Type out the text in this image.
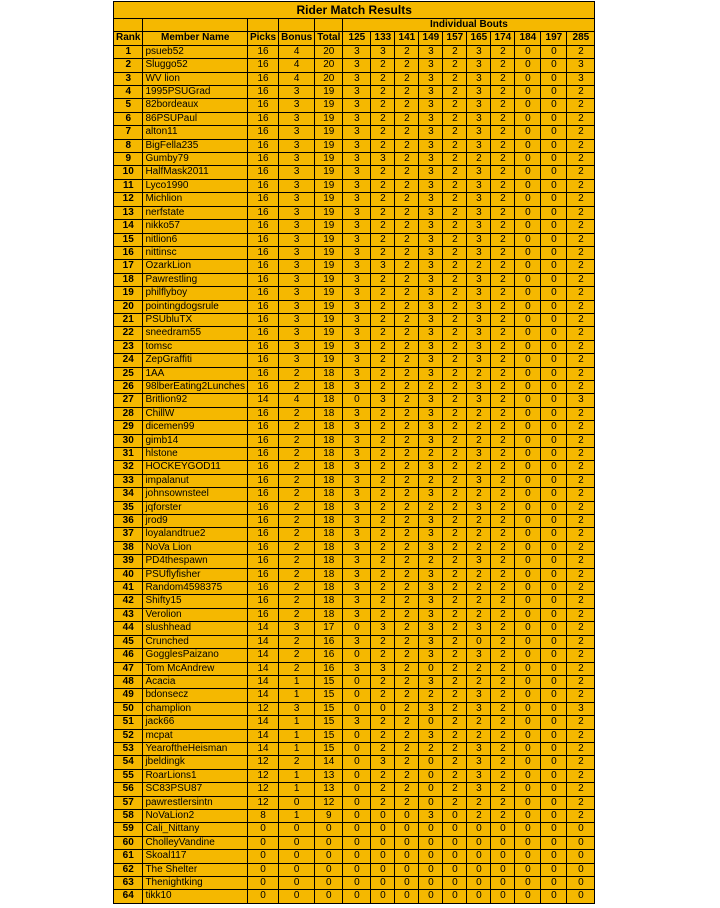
Rider Match Results														
					Individual Bouts									
Rank	Member Name	Picks	Bonus	Total	125	133	141	149	157	165	174	184	197	285
1	psueb52	16	4	20	3	3	2	3	2	3	2	0	0	2
2	Sluggo52	16	4	20	3	2	2	3	2	3	2	0	0	3
3	WV lion	16	4	20	3	2	2	3	2	3	2	0	0	3
4	1995PSUGrad	16	3	19	3	2	2	3	2	3	2	0	0	2
5	82bordeaux	16	3	19	3	2	2	3	2	3	2	0	0	2
6	86PSUPaul	16	3	19	3	2	2	3	2	3	2	0	0	2
7	alton11	16	3	19	3	2	2	3	2	3	2	0	0	2
8	BigFella235	16	3	19	3	2	2	3	2	3	2	0	0	2
9	Gumby79	16	3	19	3	3	2	3	2	2	2	0	0	2
10	HalfMask2011	16	3	19	3	2	2	3	2	3	2	0	0	2
11	Lyco1990	16	3	19	3	2	2	3	2	3	2	0	0	2
12	Michlion	16	3	19	3	2	2	3	2	3	2	0	0	2
13	nerfstate	16	3	19	3	2	2	3	2	3	2	0	0	2
14	nikko57	16	3	19	3	2	2	3	2	3	2	0	0	2
15	nitlion6	16	3	19	3	2	2	3	2	3	2	0	0	2
16	nittinsc	16	3	19	3	2	2	3	2	3	2	0	0	2
17	OzarkLion	16	3	19	3	3	2	3	2	2	2	0	0	2
18	Pawrestling	16	3	19	3	2	2	3	2	3	2	0	0	2
19	philflyboy	16	3	19	3	2	2	3	2	3	2	0	0	2
20	pointingdogsrule	16	3	19	3	2	2	3	2	3	2	0	0	2
21	PSUbluTX	16	3	19	3	2	2	3	2	3	2	0	0	2
22	sneedram55	16	3	19	3	2	2	3	2	3	2	0	0	2
23	tomsc	16	3	19	3	2	2	3	2	3	2	0	0	2
24	ZepGraffiti	16	3	19	3	2	2	3	2	3	2	0	0	2
25	1AA	16	2	18	3	2	2	3	2	2	2	0	0	2
26	98lberEating2Lunches	16	2	18	3	2	2	2	2	3	2	0	0	2
27	Britlion92	14	4	18	0	3	2	3	2	3	2	0	0	3
28	ChillW	16	2	18	3	2	2	3	2	2	2	0	0	2
29	dicemen99	16	2	18	3	2	2	3	2	2	2	0	0	2
30	gimb14	16	2	18	3	2	2	3	2	2	2	0	0	2
31	hlstone	16	2	18	3	2	2	2	2	3	2	0	0	2
32	HOCKEYGOD11	16	2	18	3	2	2	3	2	2	2	0	0	2
33	impalanut	16	2	18	3	2	2	2	2	3	2	0	0	2
34	johnsownsteel	16	2	18	3	2	2	3	2	2	2	0	0	2
35	jqforster	16	2	18	3	2	2	2	2	3	2	0	0	2
36	jrod9	16	2	18	3	2	2	3	2	2	2	0	0	2
37	loyalandtrue2	16	2	18	3	2	2	3	2	2	2	0	0	2
38	NoVa Lion	16	2	18	3	2	2	3	2	2	2	0	0	2
39	PD4thespawn	16	2	18	3	2	2	2	2	3	2	0	0	2
40	PSUflyfisher	16	2	18	3	2	2	3	2	2	2	0	0	2
41	Random4598375	16	2	18	3	2	2	3	2	2	2	0	0	2
42	Shifty15	16	2	18	3	2	2	3	2	2	2	0	0	2
43	Verolion	16	2	18	3	2	2	3	2	2	2	0	0	2
44	slushhead	14	3	17	0	3	2	3	2	3	2	0	0	2
45	Crunched	14	2	16	3	2	2	3	2	0	2	0	0	2
46	GogglesPaizano	14	2	16	0	2	2	3	2	3	2	0	0	2
47	Tom McAndrew	14	2	16	3	3	2	0	2	2	2	0	0	2
48	Acacia	14	1	15	0	2	2	3	2	2	2	0	0	2
49	bdonsecz	14	1	15	0	2	2	2	2	3	2	0	0	2
50	champlion	12	3	15	0	0	2	3	2	3	2	0	0	3
51	jack66	14	1	15	3	2	2	0	2	2	2	0	0	2
52	mcpat	14	1	15	0	2	2	3	2	2	2	0	0	2
53	YearoftheHeisman	14	1	15	0	2	2	2	2	3	2	0	0	2
54	jbeldingk	12	2	14	0	3	2	0	2	3	2	0	0	2
55	RoarLions1	12	1	13	0	2	2	0	2	3	2	0	0	2
56	SC83PSU87	12	1	13	0	2	2	0	2	3	2	0	0	2
57	pawrestlersintn	12	0	12	0	2	2	0	2	2	2	0	0	2
58	NoVaLion2	8	1	9	0	0	0	3	0	2	2	0	0	2
59	Cali_Nittany	0	0	0	0	0	0	0	0	0	0	0	0	0
60	CholleyVandine	0	0	0	0	0	0	0	0	0	0	0	0	0
61	Skoal117	0	0	0	0	0	0	0	0	0	0	0	0	0
62	The Shelter	0	0	0	0	0	0	0	0	0	0	0	0	0
63	Thenightking	0	0	0	0	0	0	0	0	0	0	0	0	0
64	tikk10	0	0	0	0	0	0	0	0	0	0	0	0	0
